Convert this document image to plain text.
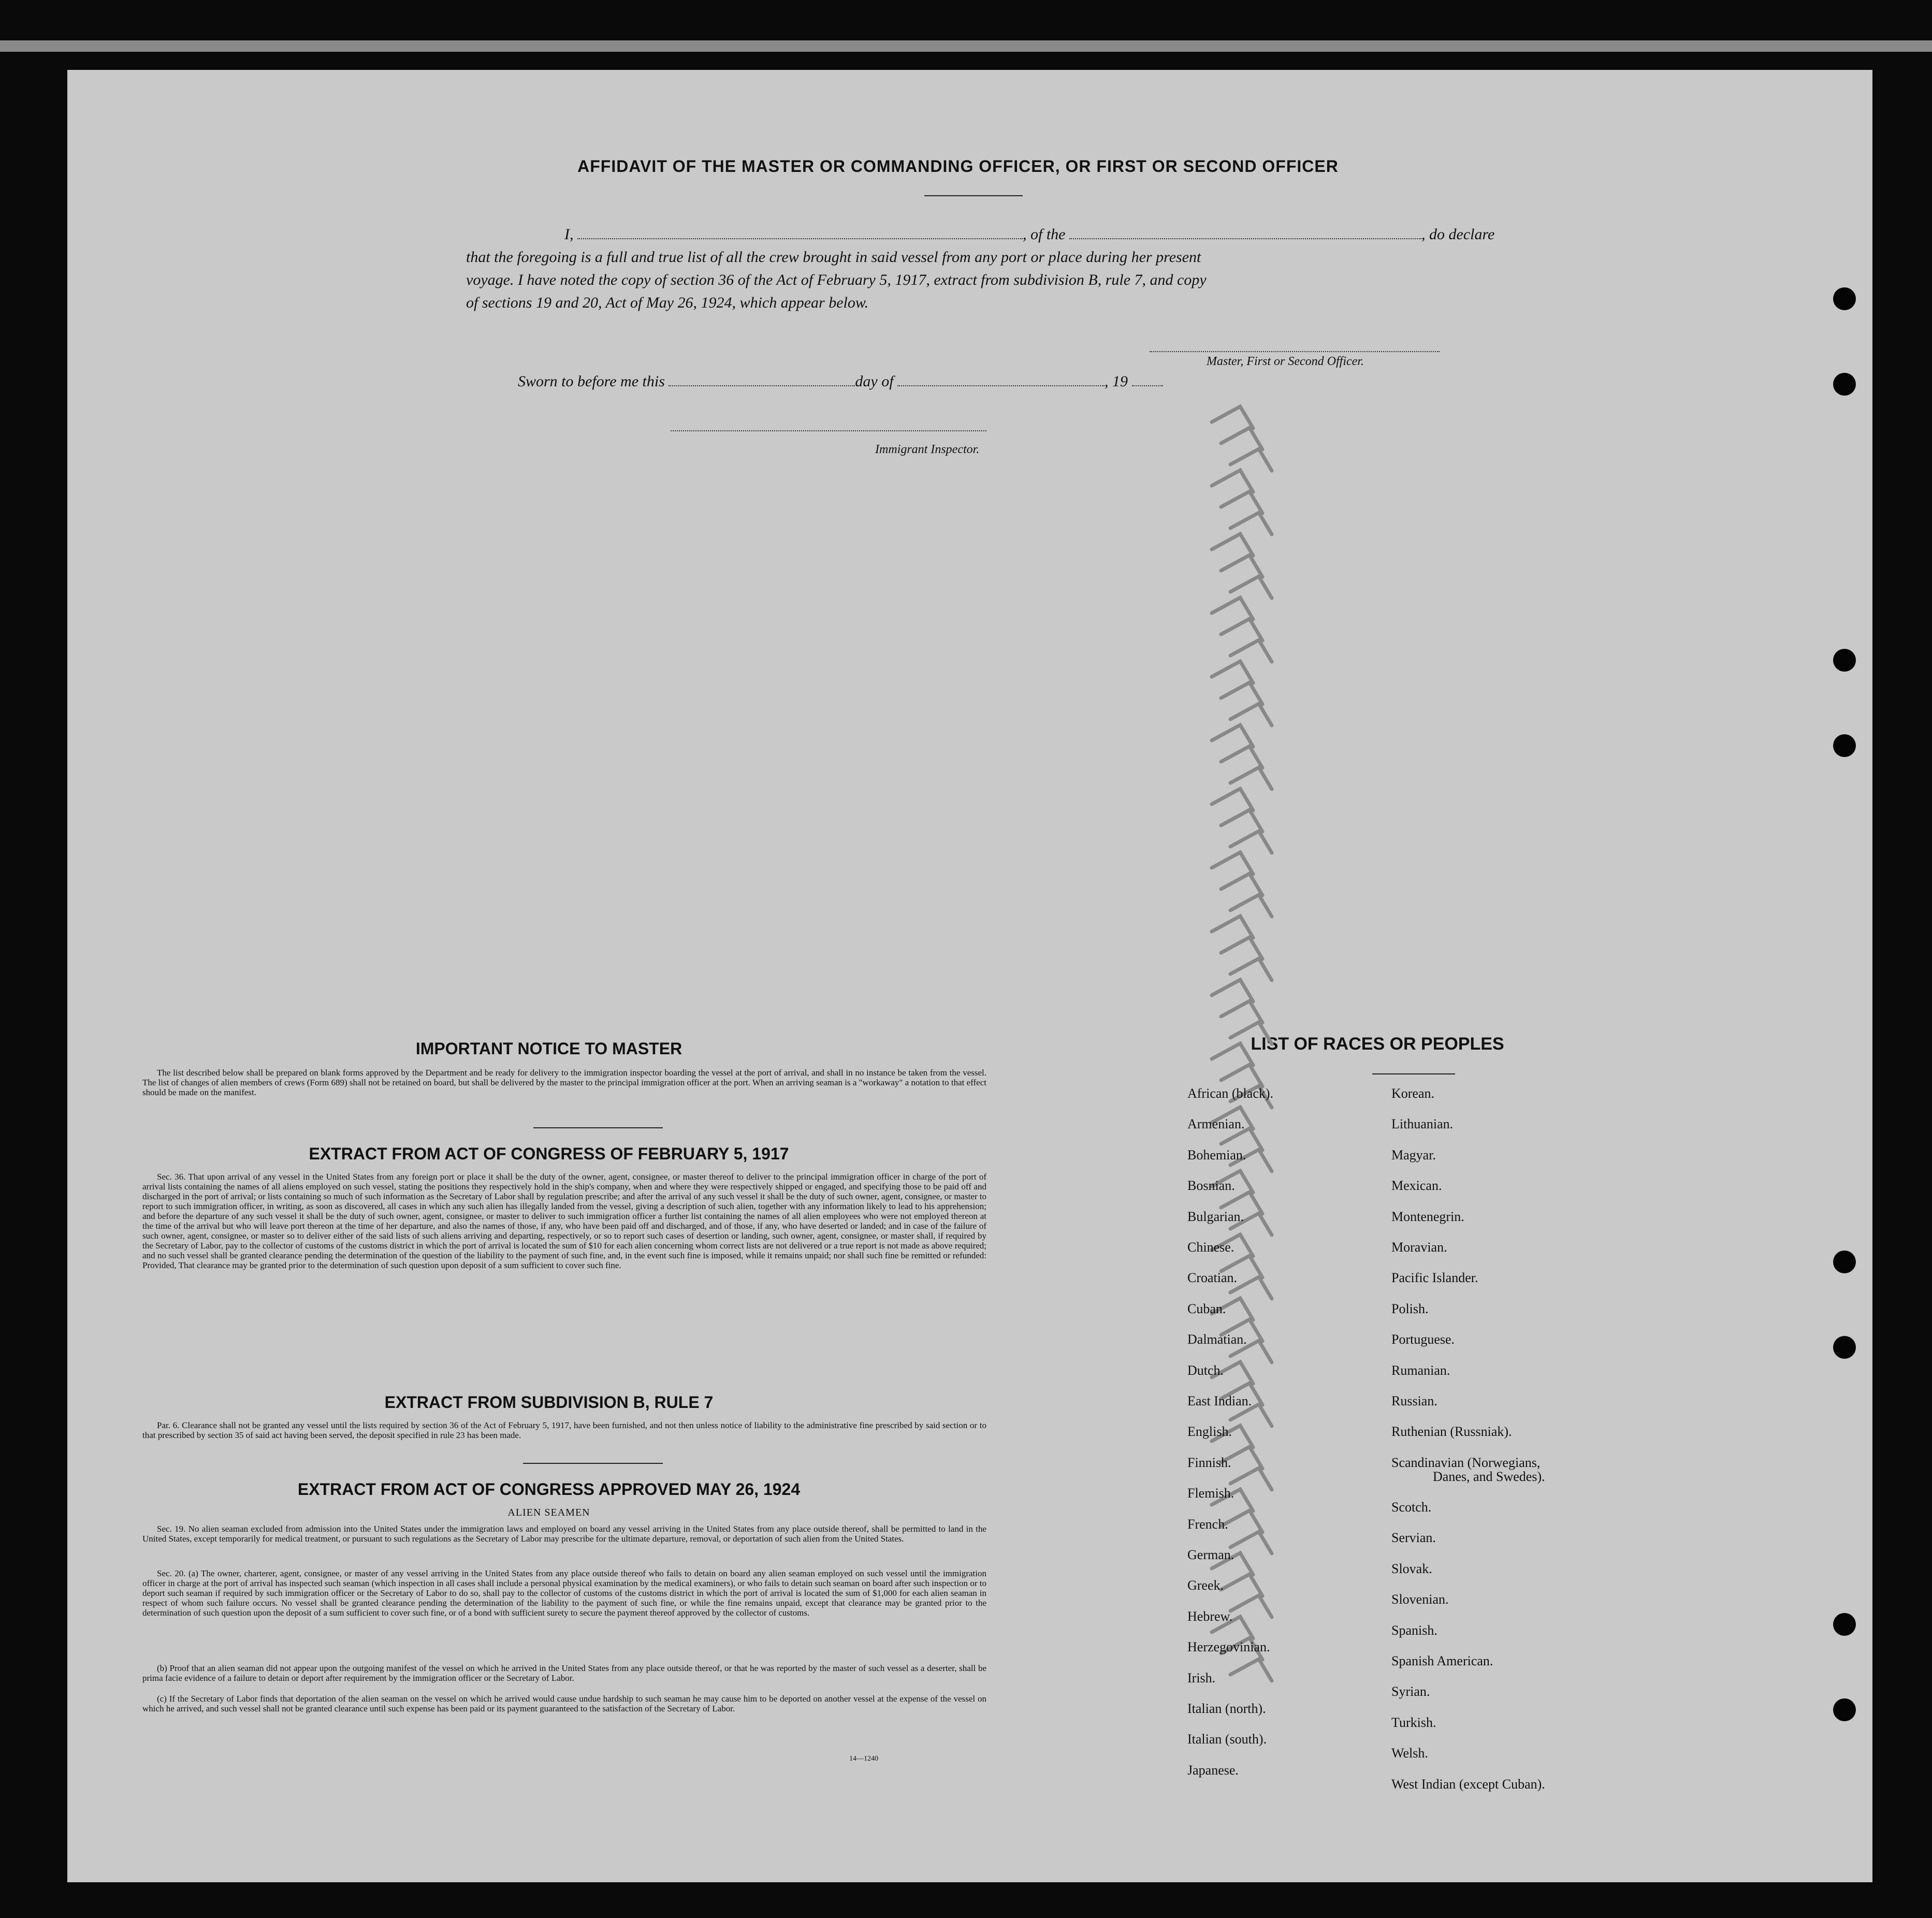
AFFIDAVIT OF THE MASTER OR COMMANDING OFFICER, OR FIRST OR SECOND OFFICER
I,	, of the	, do declare
that the foregoing is a full and true list of all the crew brought in said vessel from any port or place during her present
voyage. I have noted the copy of section 36 of the Act of February 5, 1917, extract from subdivision B, rule 7, and copy
of sections 19 and 20, Act of May 26, 1924, which appear below.
Master, First or Second Officer.
Sworn to before me this	day of	, 19
Immigrant Inspector.
IMPORTANT NOTICE TO MASTER
The list described below shall be prepared on blank forms approved by the Department and be ready for delivery to the immigration inspector boarding the vessel at the port of arrival, and shall in no instance be taken from the vessel. The list of changes of alien members of crews (Form 689) shall not be retained on board, but shall be delivered by the master to the principal immigration officer at the port. When an arriving seaman is a "workaway" a notation to that effect should be made on the manifest.
EXTRACT FROM ACT OF CONGRESS OF FEBRUARY 5, 1917
Sec. 36. That upon arrival of any vessel in the United States from any foreign port or place it shall be the duty of the owner, agent, consignee, or master thereof to deliver to the principal immigration officer in charge of the port of arrival lists containing the names of all aliens employed on such vessel, stating the positions they respectively hold in the ship's company, when and where they were respectively shipped or engaged, and specifying those to be paid off and discharged in the port of arrival; or lists containing so much of such information as the Secretary of Labor shall by regulation prescribe; and after the arrival of any such vessel it shall be the duty of such owner, agent, consignee, or master to report to such immigration officer, in writing, as soon as discovered, all cases in which any such alien has illegally landed from the vessel, giving a description of such alien, together with any information likely to lead to his apprehension; and before the departure of any such vessel it shall be the duty of such owner, agent, consignee, or master to deliver to such immigration officer a further list containing the names of all alien employees who were not employed thereon at the time of the arrival but who will leave port thereon at the time of her departure, and also the names of those, if any, who have been paid off and discharged, and of those, if any, who have deserted or landed; and in case of the failure of such owner, agent, consignee, or master so to deliver either of the said lists of such aliens arriving and departing, respectively, or so to report such cases of desertion or landing, such owner, agent, consignee, or master shall, if required by the Secretary of Labor, pay to the collector of customs of the customs district in which the port of arrival is located the sum of $10 for each alien concerning whom correct lists are not delivered or a true report is not made as above required; and no such vessel shall be granted clearance pending the determination of the question of the liability to the payment of such fine, and, in the event such fine is imposed, while it remains unpaid; nor shall such fine be remitted or refunded: Provided, That clearance may be granted prior to the determination of such question upon deposit of a sum sufficient to cover such fine.
EXTRACT FROM SUBDIVISION B, RULE 7
Par. 6. Clearance shall not be granted any vessel until the lists required by section 36 of the Act of February 5, 1917, have been furnished, and not then unless notice of liability to the administrative fine prescribed by said section or to that prescribed by section 35 of said act having been served, the deposit specified in rule 23 has been made.
EXTRACT FROM ACT OF CONGRESS APPROVED MAY 26, 1924
ALIEN SEAMEN
Sec. 19. No alien seaman excluded from admission into the United States under the immigration laws and employed on board any vessel arriving in the United States from any place outside thereof, shall be permitted to land in the United States, except temporarily for medical treatment, or pursuant to such regulations as the Secretary of Labor may prescribe for the ultimate departure, removal, or deportation of such alien from the United States.
Sec. 20. (a) The owner, charterer, agent, consignee, or master of any vessel arriving in the United States from any place outside thereof who fails to detain on board any alien seaman employed on such vessel until the immigration officer in charge at the port of arrival has inspected such seaman (which inspection in all cases shall include a personal physical examination by the medical examiners), or who fails to detain such seaman on board after such inspection or to deport such seaman if required by such immigration officer or the Secretary of Labor to do so, shall pay to the collector of customs of the customs district in which the port of arrival is located the sum of $1,000 for each alien seaman in respect of whom such failure occurs. No vessel shall be granted clearance pending the determination of the liability to the payment of such fine, or while the fine remains unpaid, except that clearance may be granted prior to the determination of such question upon the deposit of a sum sufficient to cover such fine, or of a bond with sufficient surety to secure the payment thereof approved by the collector of customs.
(b) Proof that an alien seaman did not appear upon the outgoing manifest of the vessel on which he arrived in the United States from any place outside thereof, or that he was reported by the master of such vessel as a deserter, shall be prima facie evidence of a failure to detain or deport after requirement by the immigration officer or the Secretary of Labor.
(c) If the Secretary of Labor finds that deportation of the alien seaman on the vessel on which he arrived would cause undue hardship to such seaman he may cause him to be deported on another vessel at the expense of the vessel on which he arrived, and such vessel shall not be granted clearance until such expense has been paid or its payment guaranteed to the satisfaction of the Secretary of Labor.
14—1240
LIST OF RACES OR PEOPLES
African (black).
Armenian.
Bohemian.
Bosnian.
Bulgarian.
Chinese.
Croatian.
Cuban.
Dalmatian.
Dutch.
East Indian.
English.
Finnish.
Flemish.
French.
German.
Greek.
Hebrew.
Herzegovinian.
Irish.
Italian (north).
Italian (south).
Japanese.
Korean.
Lithuanian.
Magyar.
Mexican.
Montenegrin.
Moravian.
Pacific Islander.
Polish.
Portuguese.
Rumanian.
Russian.
Ruthenian (Russniak).
Scandinavian (Norwegians,
Danes, and Swedes).
Scotch.
Servian.
Slovak.
Slovenian.
Spanish.
Spanish American.
Syrian.
Turkish.
Welsh.
West Indian (except Cuban).
